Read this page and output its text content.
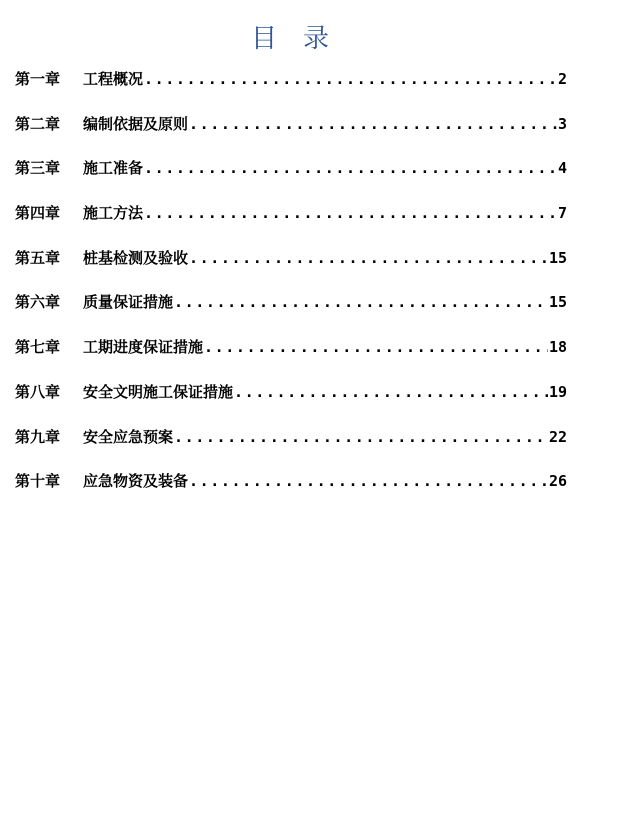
目 录
第一章	工程概况 .....	2
第二章	编制依据及原则 .....	3
第三章	施工准备 .....	4
第四章	施工方法 .....	7
第五章	桩基检测及验收 .....	15
第六章	质量保证措施 .....	15
第七章	工期进度保证措施 .....	18
第八章	安全文明施工保证措施 .....	19
第九章	安全应急预案 .....	22
第十章	应急物资及装备 .....	26
